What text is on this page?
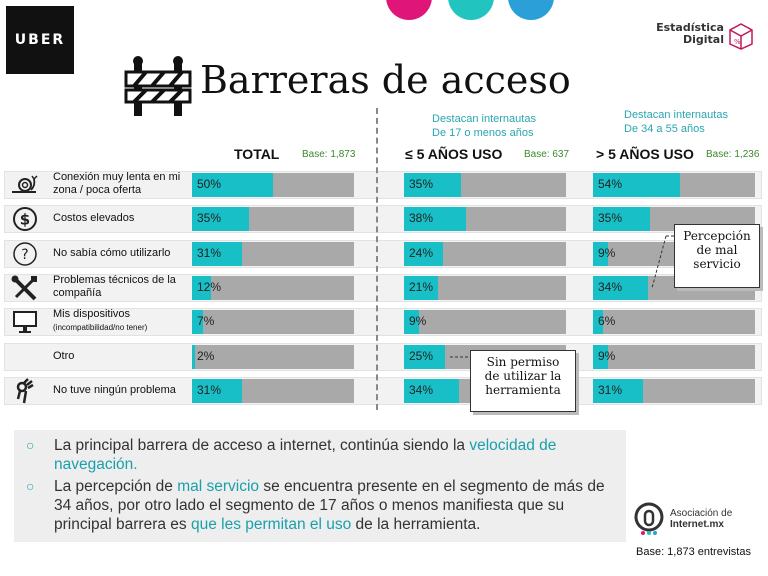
UBER
Estadística
Digital %
Barreras de acceso
Destacan internautas
De 17 o menos años
Destacan internautas
De 34 a 55 años
TOTAL Base: 1,873	≤ 5 AÑOS USO Base: 637 > 5 AÑOS USO Base: 1,236
Conexión muy lenta en mi zona / poca oferta	50%	35%	54%
$ Costos elevados	35%	38%	35%
? No sabía cómo utilizarlo	31%	24%	9%
Problemas técnicos de la compañía	12%	21%	34%
Mis dispositivos
(incompatibilidad/no tener)	7%	9%	6%
Otro	2%	25%	9%
No tuve ningún problema	31%	34%	31%
Percepción
de mal
servicio
Sin permiso
de utilizar la
herramienta
○	La principal barrera de acceso a internet, continúa siendo la velocidad de navegación.
○	La percepción de mal servicio se encuentra presente en el segmento de más de 34 años, por otro lado el segmento de 17 años o menos manifiesta que su principal barrera es que les permitan el uso de la herramienta.
Asociación de
Internet.mx
Base: 1,873 entrevistas
